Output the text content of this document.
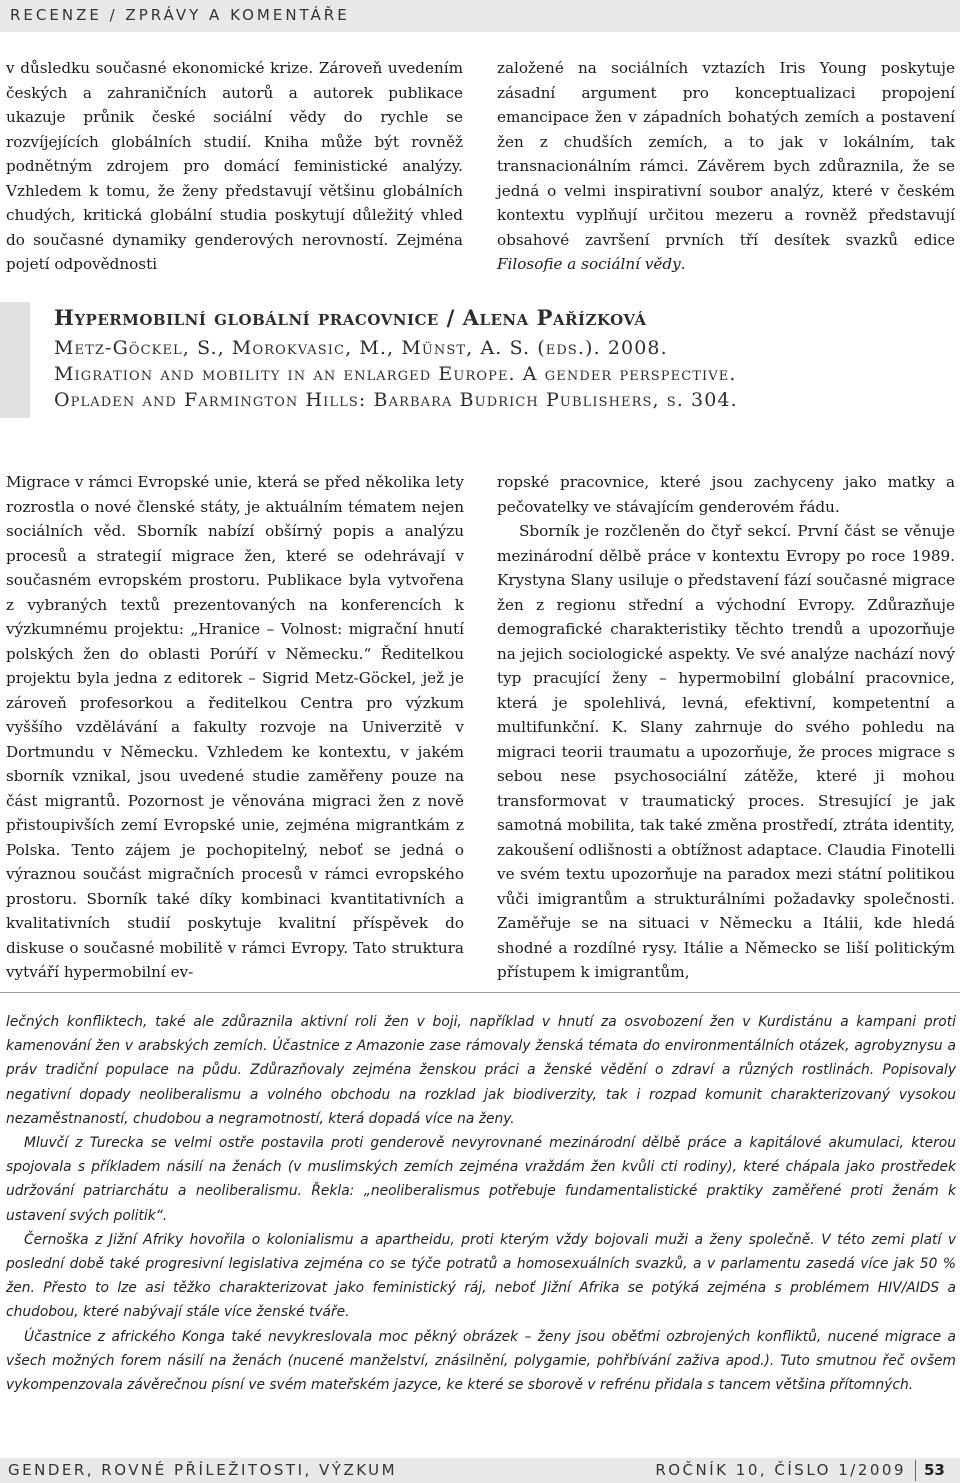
RECENZE / ZPRÁVY A KOMENTÁŘE

v důsledku současné ekonomické krize. Zároveň uvedením českých a zahraničních autorů a autorek publikace ukazuje průnik české sociální vědy do rychle se rozvíjejících globálních studií. Kniha může být rovněž podnětným zdrojem pro domácí feministické analýzy. Vzhledem k tomu, že ženy představují většinu globálních chudých, kritická globální studia poskytují důležitý vhled do současné dynamiky genderových nerovností. Zejména pojetí odpovědnosti

založené na sociálních vztazích Iris Young poskytuje zásadní argument pro konceptualizaci propojení emancipace žen v západních bohatých zemích a postavení žen z chudších zemích, a to jak v lokálním, tak transnacionálním rámci. Závěrem bych zdůraznila, že se jedná o velmi inspirativní soubor analýz, které v českém kontextu vyplňují určitou mezeru a rovněž představují obsahové završení prvních tří desítek svazků edice Filosofie a sociální vědy.

Hypermobilní globální pracovnice / Alena Pařízková
Metz-Göckel, S., Morokvasic, M., Münst, A. S. (eds.). 2008.
Migration and mobility in an enlarged Europe. A gender perspective.
Opladen and Farmington Hills: Barbara Budrich Publishers, s. 304.

Migrace v rámci Evropské unie, která se před několika lety rozrostla o nové členské státy, je aktuálním tématem nejen sociálních věd. Sborník nabízí obšírný popis a analýzu procesů a strategií migrace žen, které se odehrávají v současném evropském prostoru. Publikace byla vytvořena z vybraných textů prezentovaných na konferencích k výzkumnému projektu: „Hranice – Volnost: migrační hnutí polských žen do oblasti Porúří v Německu.“ Ředitelkou projektu byla jedna z editorek – Sigrid Metz-Göckel, jež je zároveň profesorkou a ředitelkou Centra pro výzkum vyššího vzdělávání a fakulty rozvoje na Univerzitě v Dortmundu v Německu. Vzhledem ke kontextu, v jakém sborník vznikal, jsou uvedené studie zaměřeny pouze na část migrantů. Pozornost je věnována migraci žen z nově přistoupivších zemí Evropské unie, zejména migrantkám z Polska. Tento zájem je pochopitelný, neboť se jedná o výraznou součást migračních procesů v rámci evropského prostoru. Sborník také díky kombinaci kvantitativních a kvalitativních studií poskytuje kvalitní příspěvek do diskuse o současné mobilitě v rámci Evropy. Tato struktura vytváří hypermobilní ev-

ropské pracovnice, které jsou zachyceny jako matky a pečovatelky ve stávajícím genderovém řádu.

Sborník je rozčleněn do čtyř sekcí. První část se věnuje mezinárodní dělbě práce v kontextu Evropy po roce 1989. Krystyna Slany usiluje o představení fází současné migrace žen z regionu střední a východní Evropy. Zdůrazňuje demografické charakteristiky těchto trendů a upozorňuje na jejich sociologické aspekty. Ve své analýze nachází nový typ pracující ženy – hypermobilní globální pracovnice, která je spolehlivá, levná, efektivní, kompetentní a multifunkční. K. Slany zahrnuje do svého pohledu na migraci teorii traumatu a upozorňuje, že proces migrace s sebou nese psychosociální zátěže, které ji mohou transformovat v traumatický proces. Stresující je jak samotná mobilita, tak také změna prostředí, ztráta identity, zakoušení odlišnosti a obtížnost adaptace. Claudia Finotelli ve svém textu upozorňuje na paradox mezi státní politikou vůči imigrantům a strukturálními požadavky společnosti. Zaměřuje se na situaci v Německu a Itálii, kde hledá shodné a rozdílné rysy. Itálie a Německo se liší politickým přístupem k imigrantům,

lečných konfliktech, také ale zdůraznila aktivní roli žen v boji, například v hnutí za osvobození žen v Kurdistánu a kampani proti kamenování žen v arabských zemích. Účastnice z Amazonie zase rámovaly ženská témata do environmentálních otázek, agrobyznysu a práv tradiční populace na půdu. Zdůrazňovaly zejména ženskou práci a ženské vědění o zdraví a různých rostlinách. Popisovaly negativní dopady neoliberalismu a volného obchodu na rozklad jak biodiverzity, tak i rozpad komunit charakterizovaný vysokou nezaměstnaností, chudobou a negramotností, která dopadá více na ženy.

Mluvčí z Turecka se velmi ostře postavila proti genderově nevyrovnané mezinárodní dělbě práce a kapitálové akumulaci, kterou spojovala s příkladem násilí na ženách (v muslimských zemích zejména vraždám žen kvůli cti rodiny), které chápala jako prostředek udržování patriarchátu a neoliberalismu. Řekla: „neoliberalismus potřebuje fundamentalistické praktiky zaměřené proti ženám k ustavení svých politik“.

Černoška z Jižní Afriky hovořila o kolonialismu a apartheidu, proti kterým vždy bojovali muži a ženy společně. V této zemi platí v poslední době také progresivní legislativa zejména co se týče potratů a homosexuálních svazků, a v parlamentu zasedá více jak 50 % žen. Přesto to lze asi těžko charakterizovat jako feministický ráj, neboť Jižní Afrika se potýká zejména s problémem HIV/AIDS a chudobou, které nabývají stále více ženské tváře.

Účastnice z afrického Konga také nevykreslovala moc pěkný obrázek – ženy jsou oběťmi ozbrojených konfliktů, nucené migrace a všech možných forem násilí na ženách (nucené manželství, znásilnění, polygamie, pohřbívání zaživa apod.). Tuto smutnou řeč ovšem vykompenzovala závěrečnou písní ve svém mateřském jazyce, ke které se sborově v refrénu přidala s tancem většina přítomných.

GENDER, ROVNÉ PŘÍLEŽITOSTI, VÝZKUM	ROČNÍK 10, ČÍSLO 1/2009 53
